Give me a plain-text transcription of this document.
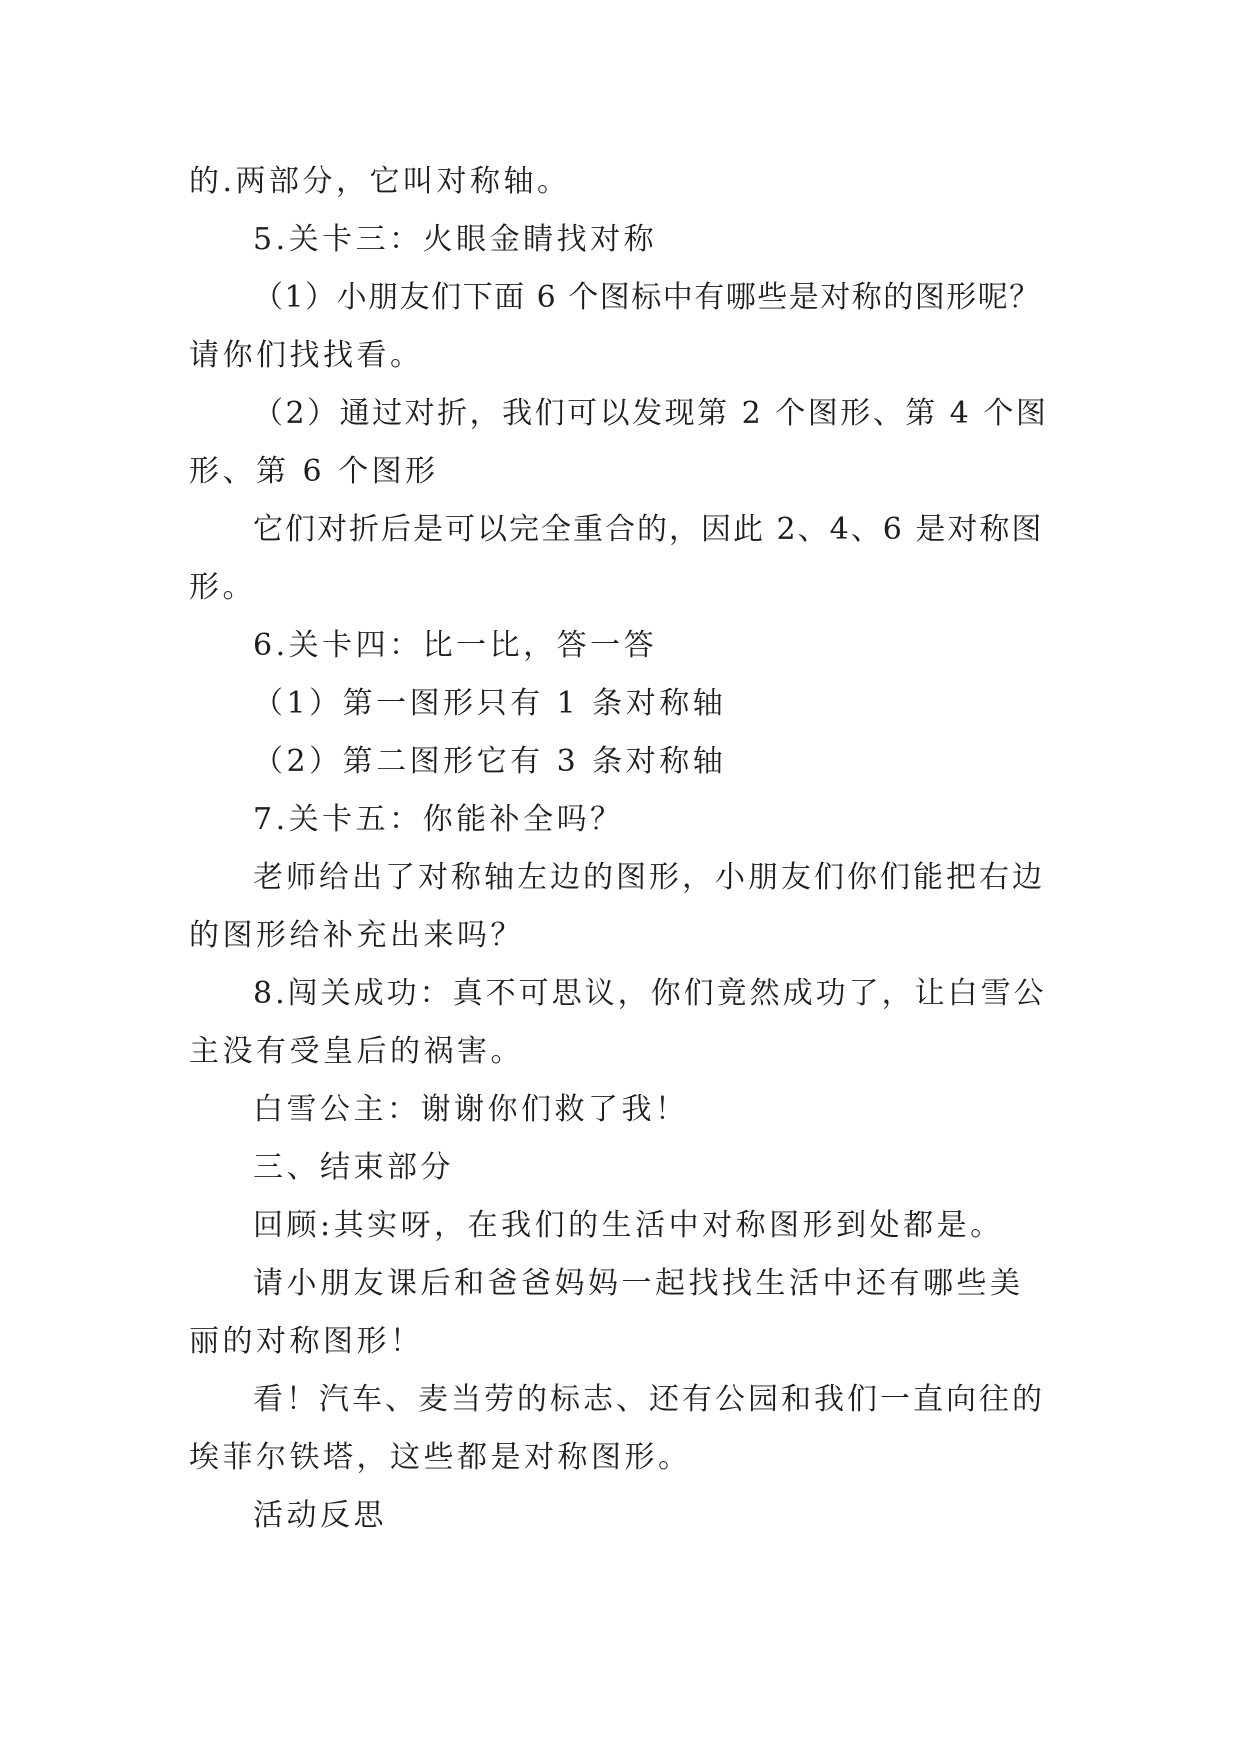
的.两部分，它叫对称轴。
5.关卡三：火眼金睛找对称
（1）小朋友们下面 6 个图标中有哪些是对称的图形呢？
请你们找找看。
（2）通过对折，我们可以发现第 2 个图形、第 4 个图
形、第 6 个图形
它们对折后是可以完全重合的，因此 2、4、6 是对称图
形。
6.关卡四：比一比，答一答
（1）第一图形只有 1 条对称轴
（2）第二图形它有 3 条对称轴
7.关卡五：你能补全吗？
老师给出了对称轴左边的图形，小朋友们你们能把右边
的图形给补充出来吗？
8.闯关成功：真不可思议，你们竟然成功了，让白雪公
主没有受皇后的祸害。
白雪公主：谢谢你们救了我！
三、结束部分
回顾:其实呀，在我们的生活中对称图形到处都是。
请小朋友课后和爸爸妈妈一起找找生活中还有哪些美
丽的对称图形！
看！汽车、麦当劳的标志、还有公园和我们一直向往的
埃菲尔铁塔，这些都是对称图形。
活动反思
